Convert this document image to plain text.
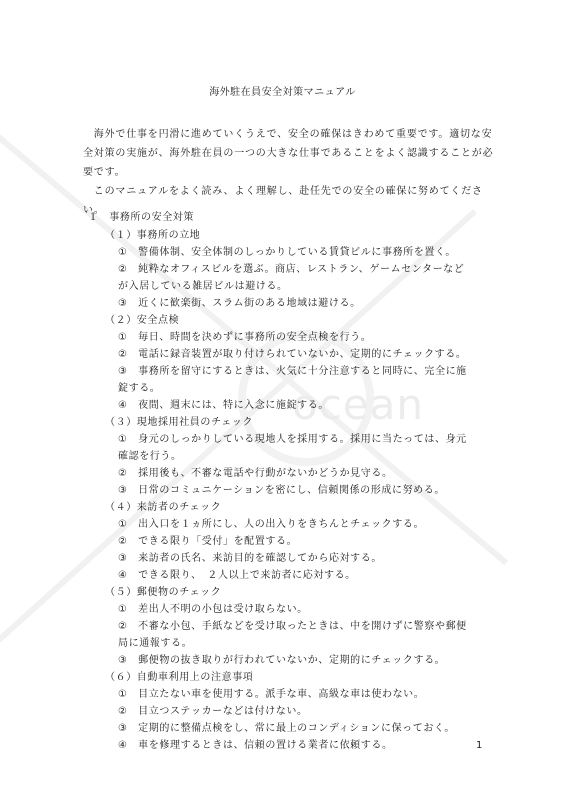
ocean
海外駐在員安全対策マニュアル

　海外で仕事を円滑に進めていくうえで、安全の確保はきわめて重要です。適切な安全対策の実施が、海外駐在員の一つの大きな仕事であることをよく認識することが必要です。

　このマニュアルをよく読み、よく理解し、赴任先での安全の確保に努めてください。

１　事務所の安全対策
（１）事務所の立地
①　警備体制、安全体制のしっかりしている賃貸ビルに事務所を置く。
②　純粋なオフィスビルを選ぶ。商店、レストラン、ゲームセンターなど
が入居している雑居ビルは避ける。
③　近くに歓楽街、スラム街のある地域は避ける。
（２）安全点検
①　毎日、時間を決めずに事務所の安全点検を行う。
②　電話に録音装置が取り付けられていないか、定期的にチェックする。
③　事務所を留守にするときは、火気に十分注意すると同時に、完全に施
錠する。
④　夜間、週末には、特に入念に施錠する。
（３）現地採用社員のチェック
①　身元のしっかりしている現地人を採用する。採用に当たっては、身元
確認を行う。
②　採用後も、不審な電話や行動がないかどうか見守る。
③　日常のコミュニケーションを密にし、信頼関係の形成に努める。
（４）来訪者のチェック
①　出入口を１ヵ所にし、人の出入りをきちんとチェックする。
②　できる限り「受付」を配置する。
③　来訪者の氏名、来訪目的を確認してから応対する。
④　できる限り、　２人以上で来訪者に応対する。
（５）郵便物のチェック
①　差出人不明の小包は受け取らない。
②　不審な小包、手紙などを受け取ったときは、中を開けずに警察や郵便
局に通報する。
③　郵便物の抜き取りが行われていないか、定期的にチェックする。
（６）自動車利用上の注意事項
①　目立たない車を使用する。派手な車、高級な車は使わない。
②　目立つステッカーなどは付けない。
③　定期的に整備点検をし、常に最上のコンディションに保っておく。
④　車を修理するときは、信頼の置ける業者に依頼する。	1
